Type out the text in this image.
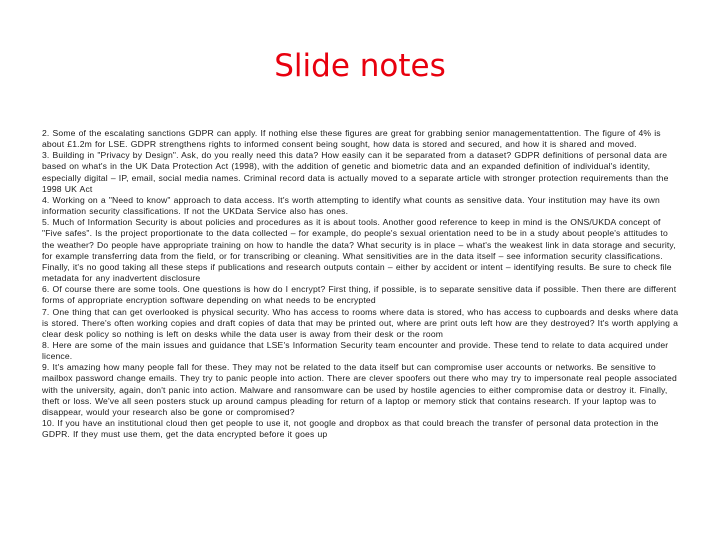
Slide notes

2. Some of the escalating sanctions GDPR can apply. If nothing else these figures are great for grabbing senior managementattention. The figure of 4% is about £1.2m for LSE. GDPR strengthens rights to informed consent being sought, how data is stored and secured, and how it is shared and moved.

3. Building in "Privacy by Design". Ask, do you really need this data? How easily can it be separated from a dataset? GDPR definitions of personal data are based on what's in the UK Data Protection Act (1998), with the addition of genetic and biometric data and an expanded definition of individual's identity, especially digital – IP, email, social media names. Criminal record data is actually moved to a separate article with stronger protection requirements than the 1998 UK Act

4. Working on a "Need to know" approach to data access. It's worth attempting to identify what counts as sensitive data. Your institution may have its own information security classifications. If not the UKData Service also has ones.

5. Much of Information Security is about policies and procedures as it is about tools. Another good reference to keep in mind is the ONS/UKDA concept of "Five safes". Is the project proportionate to the data collected – for example, do people's sexual orientation need to be in a study about people's attitudes to the weather? Do people have appropriate training on how to handle the data? What security is in place – what's the weakest link in data storage and security, for example transferring data from the field, or for transcribing or cleaning. What sensitivities are in the data itself – see information security classifications. Finally, it's no good taking all these steps if publications and research outputs contain – either by accident or intent – identifying results. Be sure to check file metadata for any inadvertent disclosure

6. Of course there are some tools. One questions is how do I encrypt? First thing, if possible, is to separate sensitive data if possible. Then there are different forms of appropriate encryption software depending on what needs to be encrypted

7. One thing that can get overlooked is physical security. Who has access to rooms where data is stored, who has access to cupboards and desks where data is stored. There's often working copies and draft copies of data that may be printed out, where are print outs left how are they destroyed? It's worth applying a clear desk policy so nothing is left on desks while the data user is away from their desk or the room

8. Here are some of the main issues and guidance that LSE's Information Security team encounter and provide. These tend to relate to data acquired under licence.

9. It's amazing how many people fall for these. They may not be related to the data itself but can compromise user accounts or networks. Be sensitive to mailbox password change emails. They try to panic people into action. There are clever spoofers out there who may try to impersonate real people associated with the university, again, don't panic into action. Malware and ransomware can be used by hostile agencies to either compromise data or destroy it. Finally, theft or loss. We've all seen posters stuck up around campus pleading for return of a laptop or memory stick that contains research. If your laptop was to disappear, would your research also be gone or compromised?

10. If you have an institutional cloud then get people to use it, not google and dropbox as that could breach the transfer of personal data protection in the GDPR. If they must use them, get the data encrypted before it goes up
